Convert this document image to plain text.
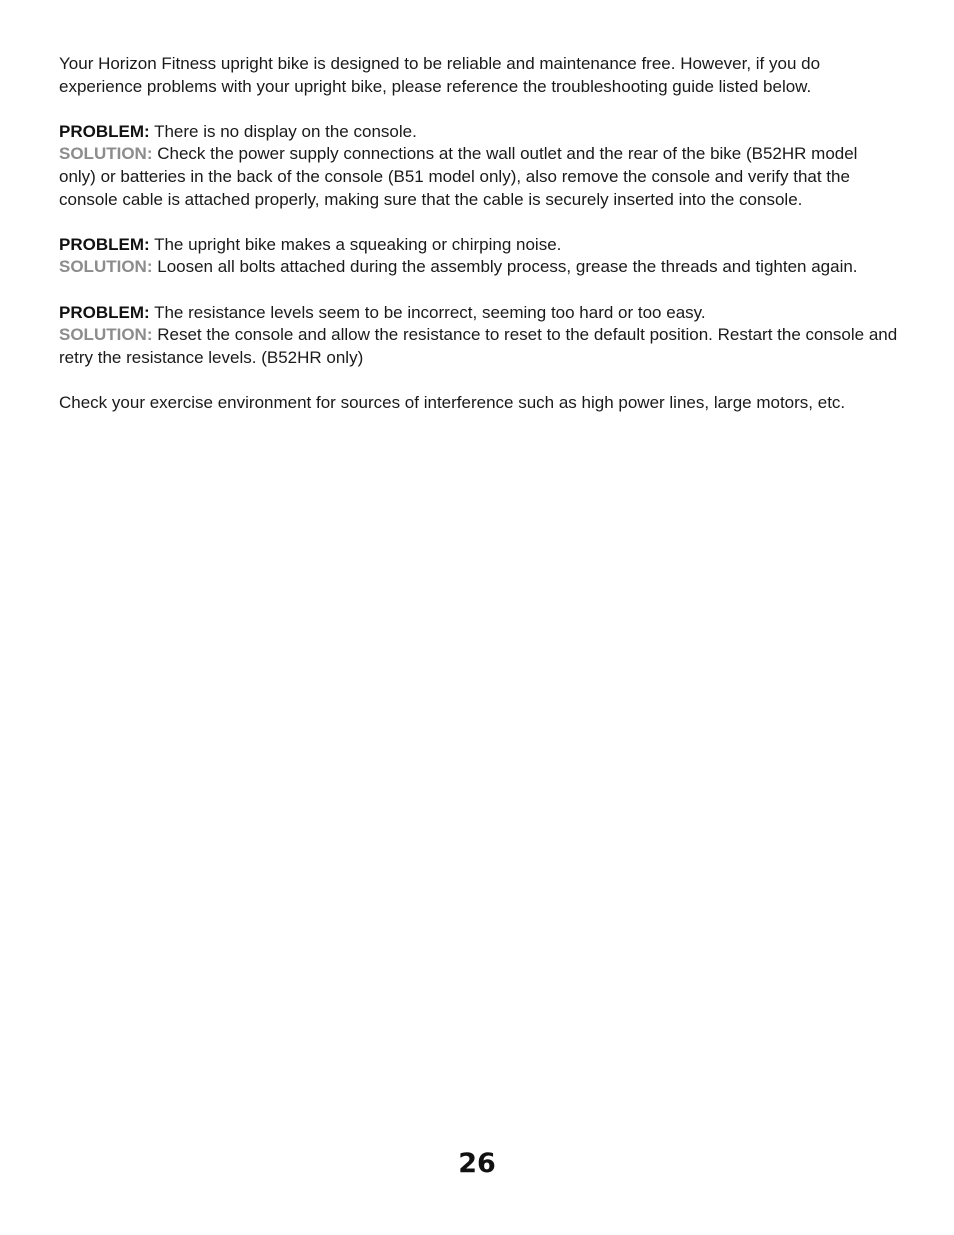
Your Horizon Fitness upright bike is designed to be reliable and maintenance free. However, if you do experience problems with your upright bike, please reference the troubleshooting guide listed below.

PROBLEM: There is no display on the console.

SOLUTION: Check the power supply connections at the wall outlet and the rear of the bike (B52HR model only) or batteries in the back of the console (B51 model only), also remove the console and verify that the console cable is attached properly, making sure that the cable is securely inserted into the console.

PROBLEM: The upright bike makes a squeaking or chirping noise.

SOLUTION: Loosen all bolts attached during the assembly process, grease the threads and tighten again.

PROBLEM: The resistance levels seem to be incorrect, seeming too hard or too easy.

SOLUTION: Reset the console and allow the resistance to reset to the default position. Restart the console and retry the resistance levels. (B52HR only)

Check your exercise environment for sources of interference such as high power lines, large motors, etc.

26
